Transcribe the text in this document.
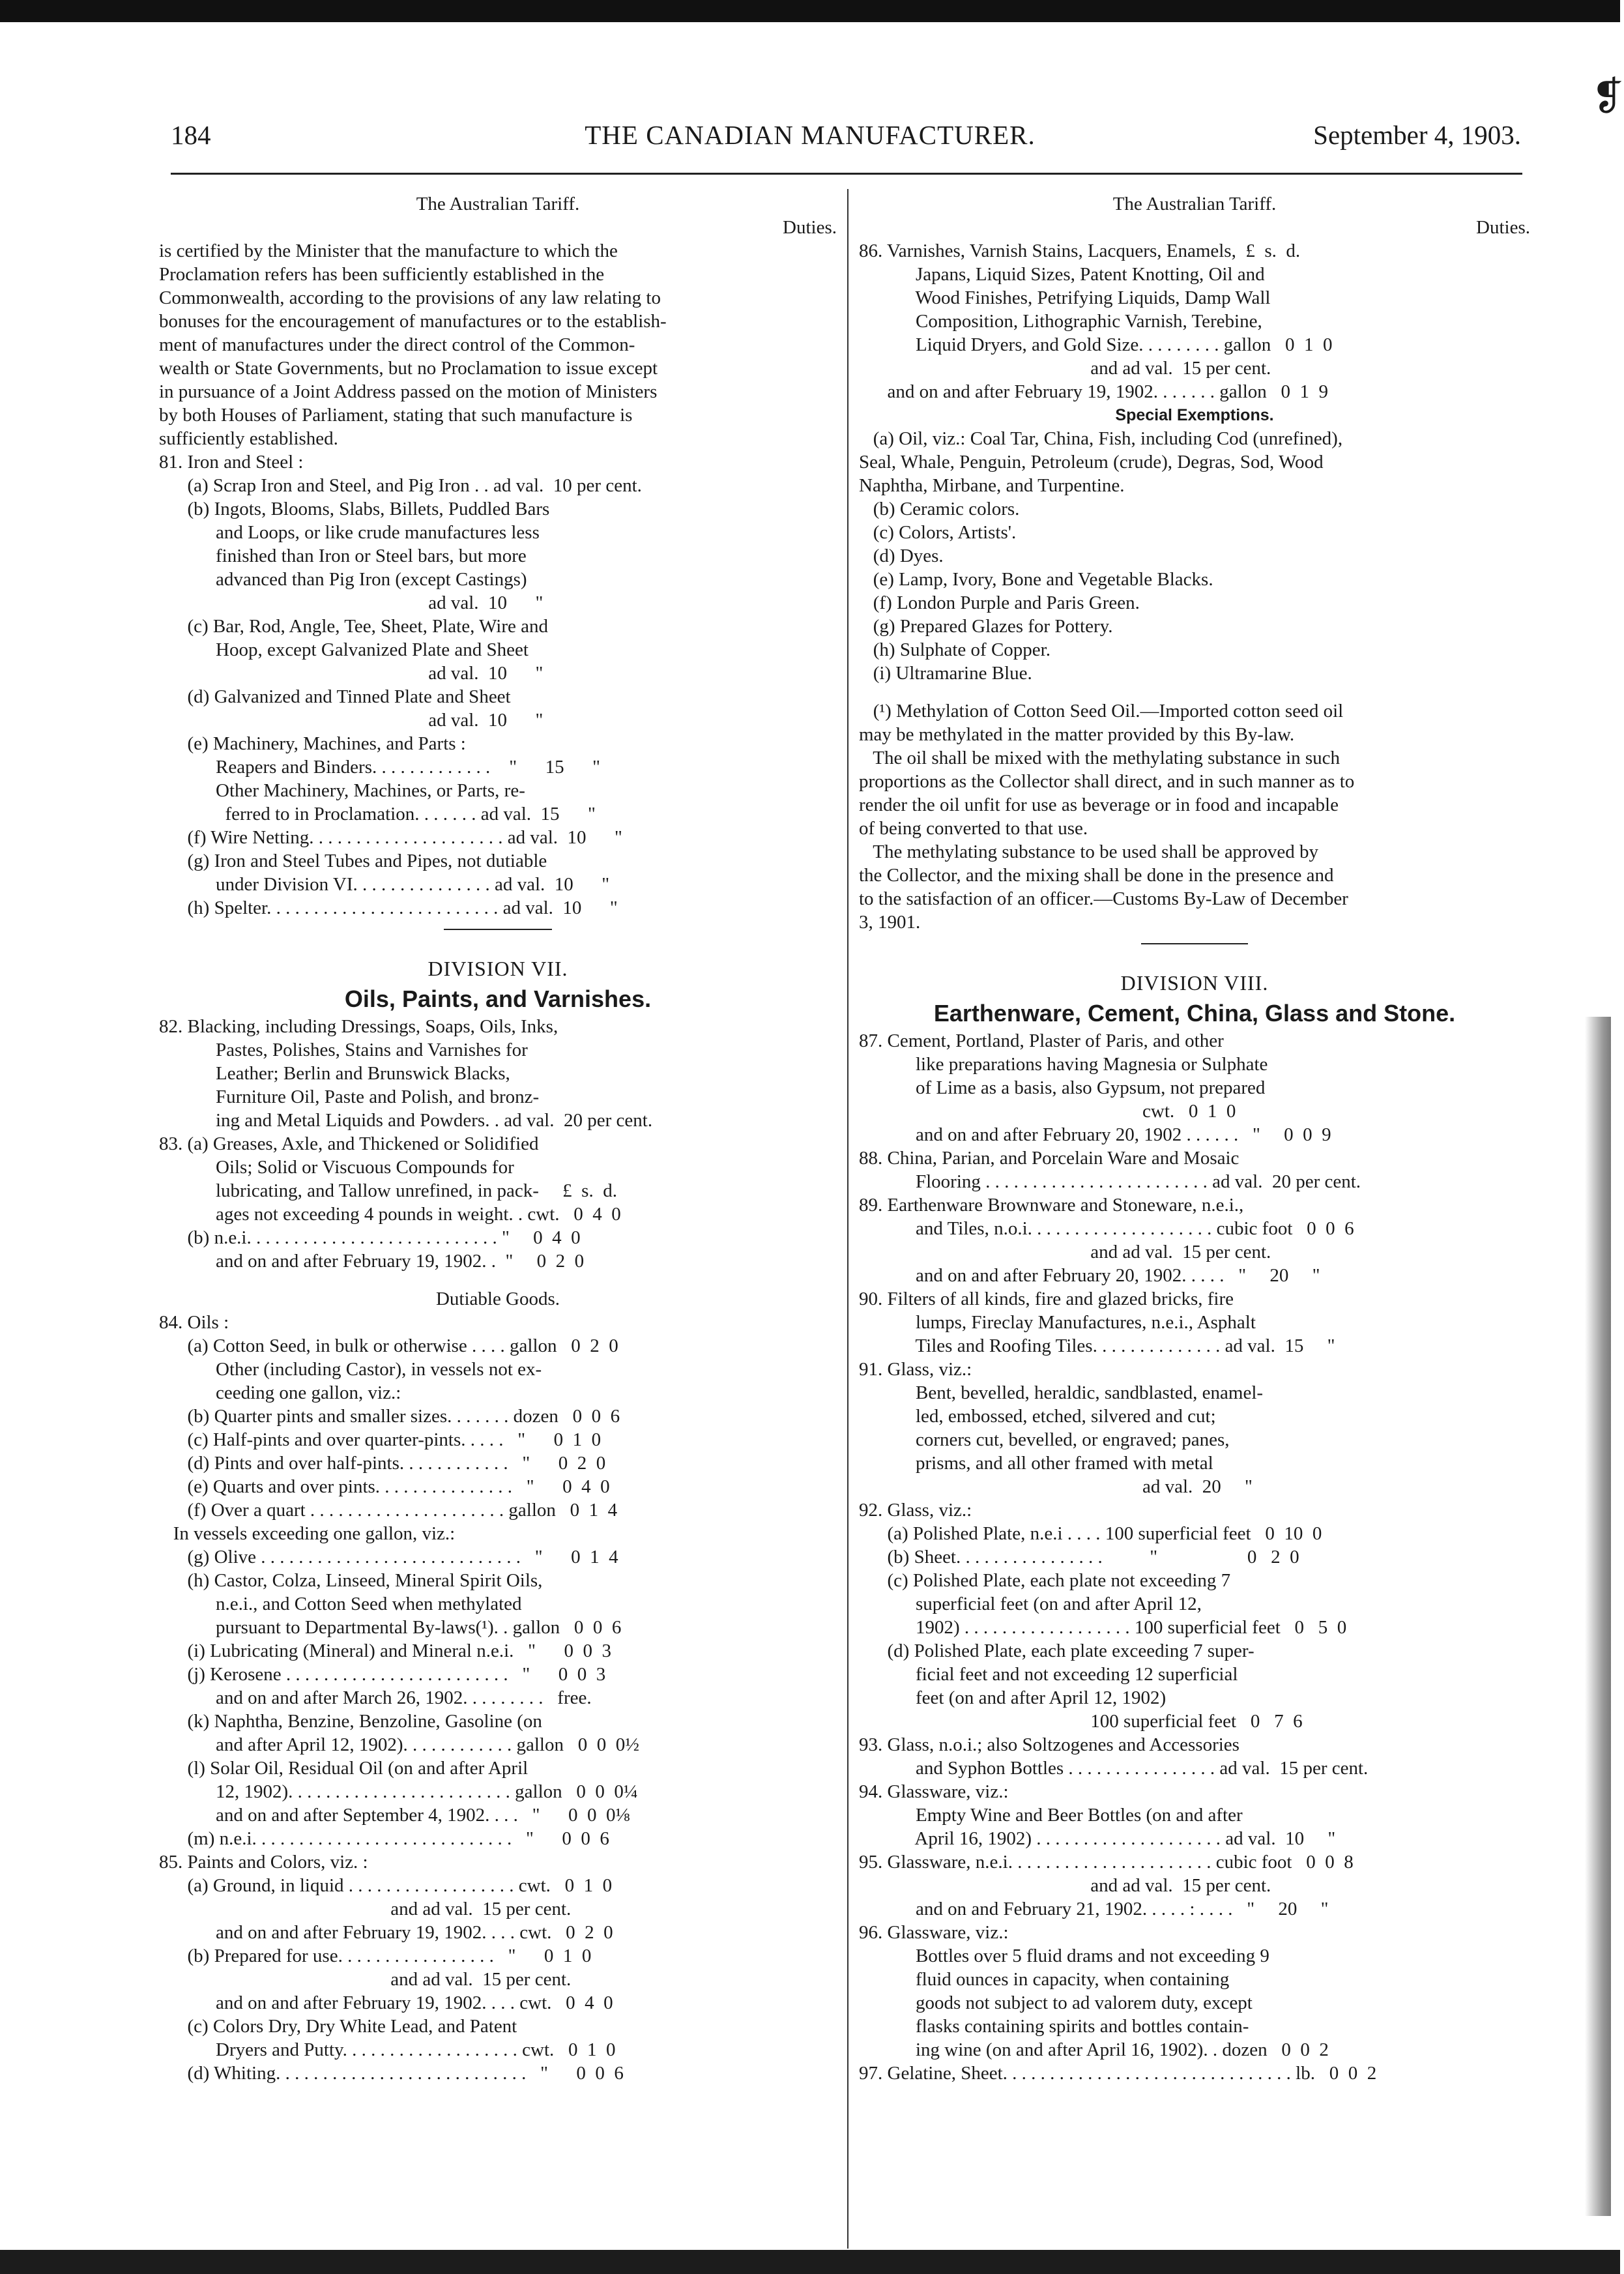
❡
184	THE CANADIAN MANUFACTURER.	September 4, 1903.
The Australian Tariff.
Duties.
is certified by the Minister that the manufacture to which the
Proclamation refers has been sufficiently established in the
Commonwealth, according to the provisions of any law relating to
bonuses for the encouragement of manufactures or to the establish-
ment of manufactures under the direct control of the Common-
wealth or State Governments, but no Proclamation to issue except
in pursuance of a Joint Address passed on the motion of Ministers
by both Houses of Parliament, stating that such manufacture is
sufficiently established.
81. Iron and Steel :
(a) Scrap Iron and Steel, and Pig Iron . . ad val.  10 per cent.
(b) Ingots, Blooms, Slabs, Billets, Puddled Bars
and Loops, or like crude manufactures less
finished than Iron or Steel bars, but more
advanced than Pig Iron (except Castings)
ad val.  10      "
(c) Bar, Rod, Angle, Tee, Sheet, Plate, Wire and
Hoop, except Galvanized Plate and Sheet
ad val.  10      "
(d) Galvanized and Tinned Plate and Sheet
ad val.  10      "
(e) Machinery, Machines, and Parts :
Reapers and Binders. . . . . . . . . . . . .    "      15      "
Other Machinery, Machines, or Parts, re-
ferred to in Proclamation. . . . . . . ad val.  15      "
(f) Wire Netting. . . . . . . . . . . . . . . . . . . . . ad val.  10      "
(g) Iron and Steel Tubes and Pipes, not dutiable
under Division VI. . . . . . . . . . . . . . . ad val.  10      "
(h) Spelter. . . . . . . . . . . . . . . . . . . . . . . . . ad val.  10      "
DIVISION VII.
Oils, Paints, and Varnishes.
82. Blacking, including Dressings, Soaps, Oils, Inks,
Pastes, Polishes, Stains and Varnishes for
Leather; Berlin and Brunswick Blacks,
Furniture Oil, Paste and Polish, and bronz-
ing and Metal Liquids and Powders. . ad val.  20 per cent.
83. (a) Greases, Axle, and Thickened or Solidified
Oils; Solid or Viscuous Compounds for
lubricating, and Tallow unrefined, in pack-     £  s.  d.
ages not exceeding 4 pounds in weight. . cwt.   0  4  0
(b) n.e.i. . . . . . . . . . . . . . . . . . . . . . . . . . . "     0  4  0
and on and after February 19, 1902. .  "     0  2  0
Dutiable Goods.
84. Oils :
(a) Cotton Seed, in bulk or otherwise . . . . gallon   0  2  0
Other (including Castor), in vessels not ex-
ceeding one gallon, viz.:
(b) Quarter pints and smaller sizes. . . . . . . dozen   0  0  6
(c) Half-pints and over quarter-pints. . . . .   "      0  1  0
(d) Pints and over half-pints. . . . . . . . . . . .   "      0  2  0
(e) Quarts and over pints. . . . . . . . . . . . . . .   "      0  4  0
(f) Over a quart . . . . . . . . . . . . . . . . . . . . . gallon   0  1  4
In vessels exceeding one gallon, viz.:
(g) Olive . . . . . . . . . . . . . . . . . . . . . . . . . . . .   "      0  1  4
(h) Castor, Colza, Linseed, Mineral Spirit Oils,
n.e.i., and Cotton Seed when methylated
pursuant to Departmental By-laws(¹). . gallon   0  0  6
(i) Lubricating (Mineral) and Mineral n.e.i.   "      0  0  3
(j) Kerosene . . . . . . . . . . . . . . . . . . . . . . . .   "      0  0  3
and on and after March 26, 1902. . . . . . . . .   free.
(k) Naphtha, Benzine, Benzoline, Gasoline (on
and after April 12, 1902). . . . . . . . . . . . gallon   0  0  0½
(l) Solar Oil, Residual Oil (on and after April
12, 1902). . . . . . . . . . . . . . . . . . . . . . . . gallon   0  0  0¼
and on and after September 4, 1902. . . .   "      0  0  0⅛
(m) n.e.i. . . . . . . . . . . . . . . . . . . . . . . . . . . .   "      0  0  6
85. Paints and Colors, viz. :
(a) Ground, in liquid . . . . . . . . . . . . . . . . . . cwt.   0  1  0
and ad val.  15 per cent.
and on and after February 19, 1902. . . . cwt.   0  2  0
(b) Prepared for use. . . . . . . . . . . . . . . . .   "      0  1  0
and ad val.  15 per cent.
and on and after February 19, 1902. . . . cwt.   0  4  0
(c) Colors Dry, Dry White Lead, and Patent
Dryers and Putty. . . . . . . . . . . . . . . . . . . cwt.   0  1  0
(d) Whiting. . . . . . . . . . . . . . . . . . . . . . . . . . .   "      0  0  6
The Australian Tariff.
Duties.
86. Varnishes, Varnish Stains, Lacquers, Enamels,  £  s.  d.
Japans, Liquid Sizes, Patent Knotting, Oil and
Wood Finishes, Petrifying Liquids, Damp Wall
Composition, Lithographic Varnish, Terebine,
Liquid Dryers, and Gold Size. . . . . . . . . gallon   0  1  0
and ad val.  15 per cent.
and on and after February 19, 1902. . . . . . . gallon   0  1  9
Special Exemptions.
(a) Oil, viz.: Coal Tar, China, Fish, including Cod (unrefined),
Seal, Whale, Penguin, Petroleum (crude), Degras, Sod, Wood
Naphtha, Mirbane, and Turpentine.
(b) Ceramic colors.
(c) Colors, Artists'.
(d) Dyes.
(e) Lamp, Ivory, Bone and Vegetable Blacks.
(f) London Purple and Paris Green.
(g) Prepared Glazes for Pottery.
(h) Sulphate of Copper.
(i) Ultramarine Blue.
(¹) Methylation of Cotton Seed Oil.—Imported cotton seed oil
may be methylated in the matter provided by this By-law.
The oil shall be mixed with the methylating substance in such
proportions as the Collector shall direct, and in such manner as to
render the oil unfit for use as beverage or in food and incapable
of being converted to that use.
The methylating substance to be used shall be approved by
the Collector, and the mixing shall be done in the presence and
to the satisfaction of an officer.—Customs By-Law of December
3, 1901.
DIVISION VIII.
Earthenware, Cement, China, Glass and Stone.
87. Cement, Portland, Plaster of Paris, and other
like preparations having Magnesia or Sulphate
of Lime as a basis, also Gypsum, not prepared
cwt.   0  1  0
and on and after February 20, 1902 . . . . . .   "     0  0  9
88. China, Parian, and Porcelain Ware and Mosaic
Flooring . . . . . . . . . . . . . . . . . . . . . . . . ad val.  20 per cent.
89. Earthenware Brownware and Stoneware, n.e.i.,
and Tiles, n.o.i. . . . . . . . . . . . . . . . . . . . cubic foot   0  0  6
and ad val.  15 per cent.
and on and after February 20, 1902. . . . .   "     20     "
90. Filters of all kinds, fire and glazed bricks, fire
lumps, Fireclay Manufactures, n.e.i., Asphalt
Tiles and Roofing Tiles. . . . . . . . . . . . . . ad val.  15     "
91. Glass, viz.:
Bent, bevelled, heraldic, sandblasted, enamel-
led, embossed, etched, silvered and cut;
corners cut, bevelled, or engraved; panes,
prisms, and all other framed with metal
ad val.  20     "
92. Glass, viz.:
(a) Polished Plate, n.e.i . . . . 100 superficial feet   0  10  0
(b) Sheet. . . . . . . . . . . . . . . .          "                   0   2  0
(c) Polished Plate, each plate not exceeding 7
superficial feet (on and after April 12,
1902) . . . . . . . . . . . . . . . . . . 100 superficial feet   0   5  0
(d) Polished Plate, each plate exceeding 7 super-
ficial feet and not exceeding 12 superficial
feet (on and after April 12, 1902)
100 superficial feet   0   7  6
93. Glass, n.o.i.; also Soltzogenes and Accessories
and Syphon Bottles . . . . . . . . . . . . . . . . ad val.  15 per cent.
94. Glassware, viz.:
Empty Wine and Beer Bottles (on and after
April 16, 1902) . . . . . . . . . . . . . . . . . . . . ad val.  10     "
95. Glassware, n.e.i. . . . . . . . . . . . . . . . . . . . . . cubic foot   0  0  8
and ad val.  15 per cent.
and on and February 21, 1902. . . . . : . . . .   "     20     "
96. Glassware, viz.:
Bottles over 5 fluid drams and not exceeding 9
fluid ounces in capacity, when containing
goods not subject to ad valorem duty, except
flasks containing spirits and bottles contain-
ing wine (on and after April 16, 1902). . dozen   0  0  2
97. Gelatine, Sheet. . . . . . . . . . . . . . . . . . . . . . . . . . . . . . . lb.   0  0  2
